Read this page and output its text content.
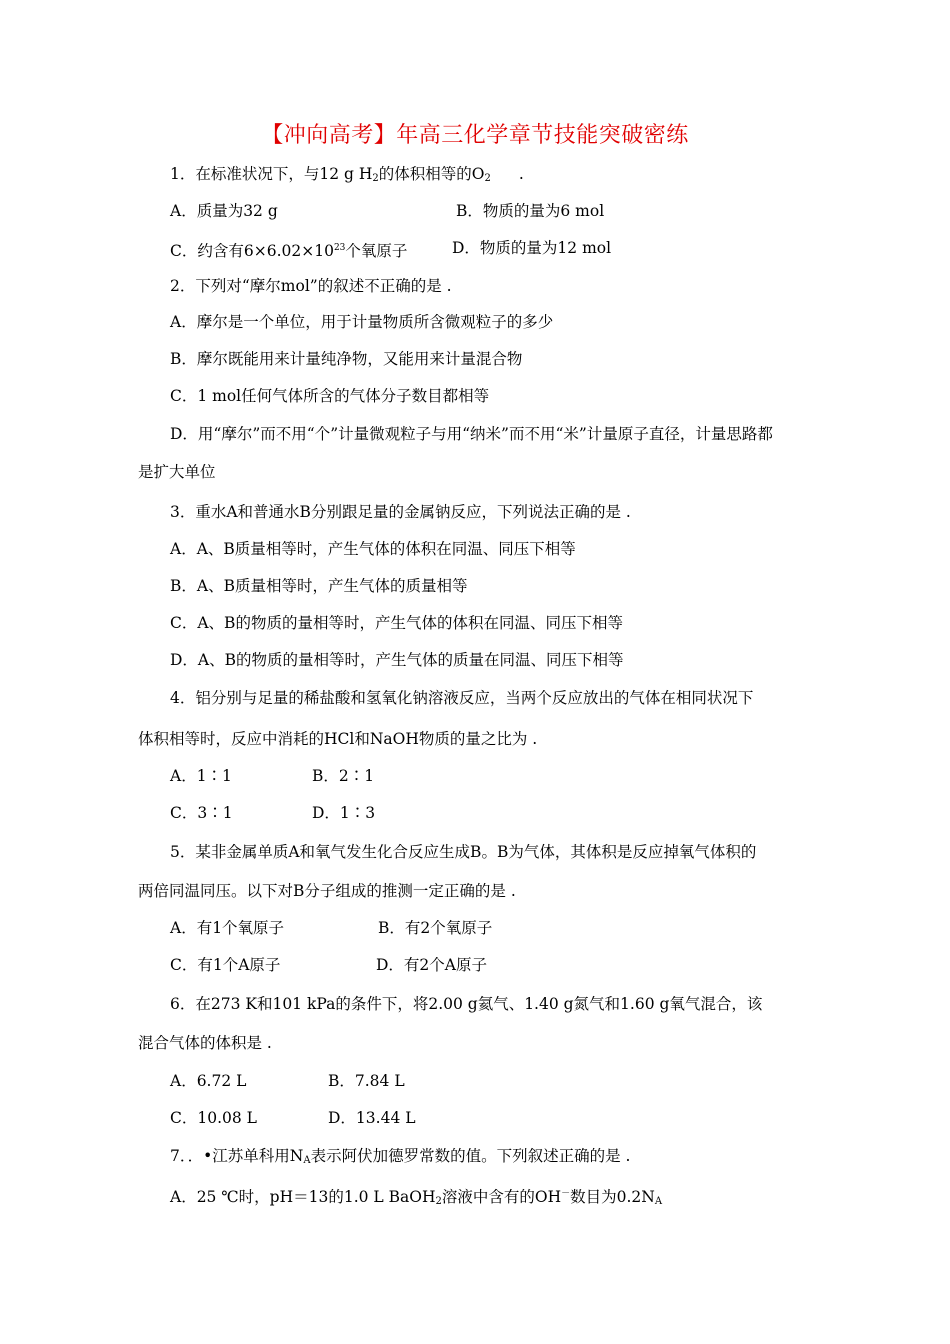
【冲向高考】年高三化学章节技能突破密练
1．在标准状况下，与12 g $H_2$的体积相等的$O_2$ .
A．质量为32 g	B．物质的量为6 mol
C．约含有$6\times 6.02\times 10^{23}$个氧原子	D．物质的量为12 mol
2．下列对“摩尔mol”的叙述不正确的是 .
A．摩尔是一个单位，用于计量物质所含微观粒子的多少
B．摩尔既能用来计量纯净物，又能用来计量混合物
C．1 mol任何气体所含的气体分子数目都相等
D．用“摩尔”而不用“个”计量微观粒子与用“纳米”而不用“米”计量原子直径，计量思路都
是扩大单位
3．重水A和普通水B分别跟足量的金属钠反应，下列说法正确的是 .
A．A、B质量相等时，产生气体的体积在同温、同压下相等
B．A、B质量相等时，产生气体的质量相等
C．A、B的物质的量相等时，产生气体的体积在同温、同压下相等
D．A、B的物质的量相等时，产生气体的质量在同温、同压下相等
4．铝分别与足量的稀盐酸和氢氧化钠溶液反应，当两个反应放出的气体在相同状况下
体积相等时，反应中消耗的HCl和NaOH物质的量之比为 .
A．1∶1	B．2∶1
C．3∶1	D．1∶3
5．某非金属单质A和氧气发生化合反应生成B。B为气体，其体积是反应掉氧气体积的
两倍同温同压。以下对B分子组成的推测一定正确的是 .
A．有1个氧原子	B．有2个氧原子
C．有1个A原子	D．有2个A原子
6．在273 K和101 kPa的条件下，将2.00 g氦气、1.40 g氮气和1.60 g氧气混合，该
混合气体的体积是 .
A．6.72 L	B．7.84 L
C．10.08 L	D．13.44 L
7．．•江苏单科用$N_A$表示阿伏加德罗常数的值。下列叙述正确的是 .
A．25 ℃时，pH＝13的1.0 L BaOH$_2$溶液中含有的OH－数目为$0.2N_A$
